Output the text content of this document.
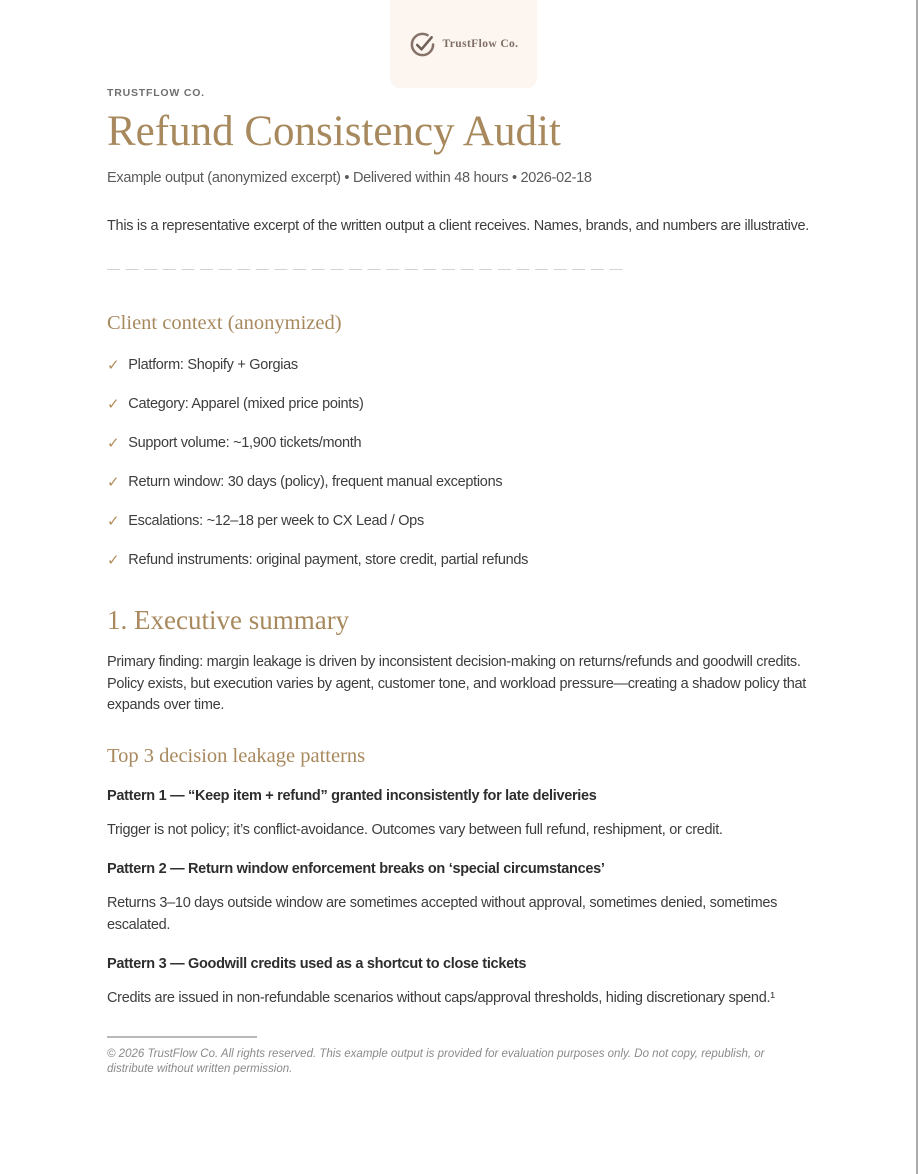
TrustFlow Co.
TRUSTFLOW CO.
Refund Consistency Audit
Example output (anonymized excerpt) • Delivered within 48 hours • 2026-02-18

This is a representative excerpt of the written output a client receives. Names, brands, and numbers are illustrative.

— — — — — — — — — — — — — — — — — — — — — — — — — — — —
Client context (anonymized)
✓ Platform: Shopify + Gorgias
✓ Category: Apparel (mixed price points)
✓ Support volume: ~1,900 tickets/month
✓ Return window: 30 days (policy), frequent manual exceptions
✓ Escalations: ~12–18 per week to CX Lead / Ops
✓ Refund instruments: original payment, store credit, partial refunds
1. Executive summary

Primary finding: margin leakage is driven by inconsistent decision-making on returns/refunds and goodwill credits. Policy exists, but execution varies by agent, customer tone, and workload pressure—creating a shadow policy that expands over time.

Top 3 decision leakage patterns
Pattern 1 — “Keep item + refund” granted inconsistently for late deliveries

Trigger is not policy; it’s conflict-avoidance. Outcomes vary between full refund, reshipment, or credit.

Pattern 2 — Return window enforcement breaks on ‘special circumstances’

Returns 3–10 days outside window are sometimes accepted without approval, sometimes denied, sometimes escalated.

Pattern 3 — Goodwill credits used as a shortcut to close tickets

Credits are issued in non-refundable scenarios without caps/approval thresholds, hiding discretionary spend.¹

© 2026 TrustFlow Co. All rights reserved. This example output is provided for evaluation purposes only. Do not copy, republish, or distribute without written permission.
